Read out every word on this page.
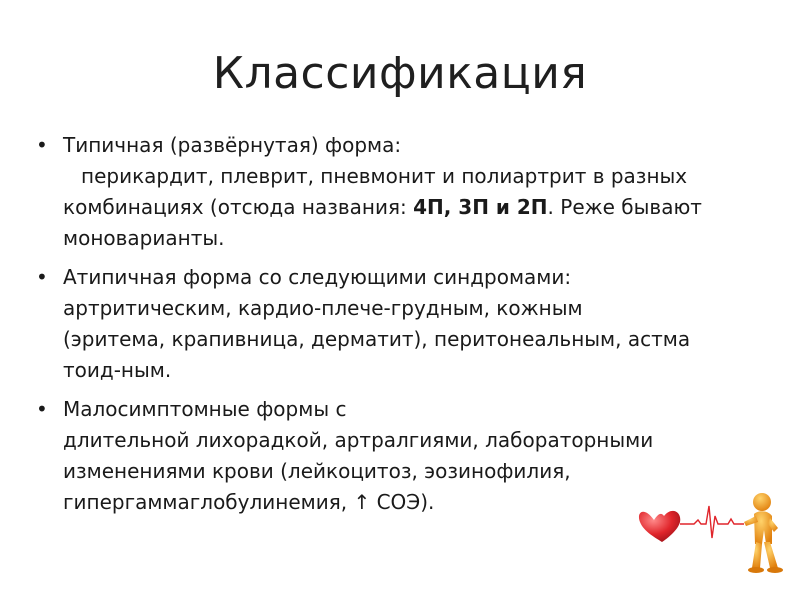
Классификация
• Типичная (развёрнутая) форма:
перикардит, плеврит, пневмонит и полиартрит в разных
комбинациях (отсюда названия: 4П, 3П и 2П. Реже бывают
моноварианты.
• Атипичная форма со следующими синдромами:
артритическим, кардио-плече-грудным, кожным
(эритема, крапивница, дерматит), перитонеальным, астма
тоид-ным.
• Малосимптомные формы с
длительной лихорадкой, артралгиями, лабораторными
изменениями крови (лейкоцитоз, эозинофилия,
гипергаммаглобулинемия, ↑ СОЭ).
